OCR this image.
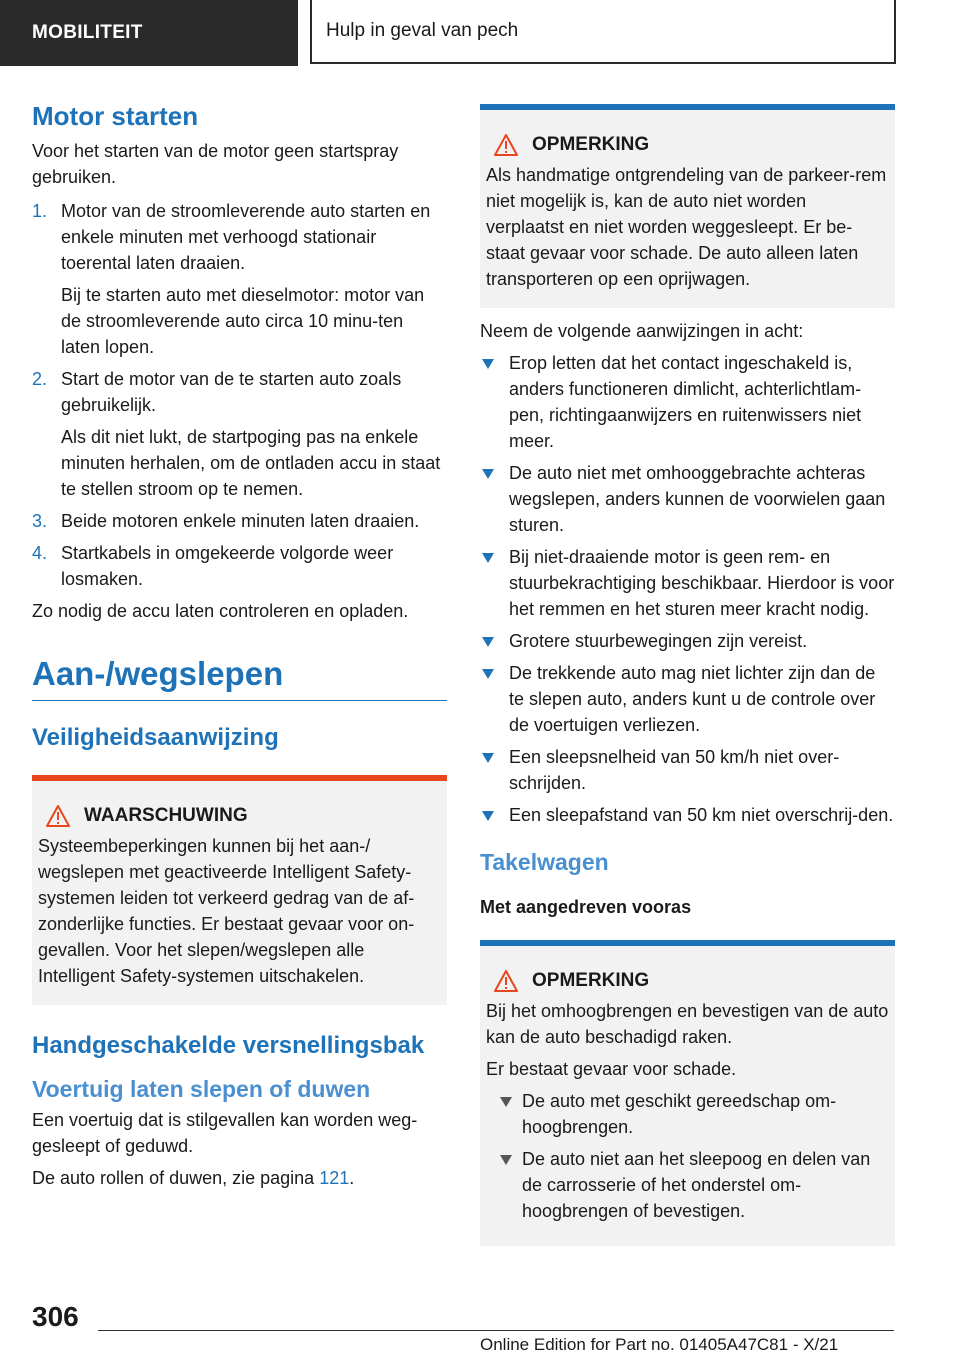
MOBILITEIT	Hulp in geval van pech
Motor starten

Voor het starten van de motor geen startspray gebruiken.

1. Motor van de stroomleverende auto starten en enkele minuten met verhoogd stationair toerental laten draaien.

Bij te starten auto met dieselmotor: motor van de stroomleverende auto circa 10 minu‐ten laten lopen.

2. Start de motor van de te starten auto zoals gebruikelijk.

Als dit niet lukt, de startpoging pas na enkele minuten herhalen, om de ontladen accu in staat te stellen stroom op te nemen.

3. Beide motoren enkele minuten laten draaien.

4. Startkabels in omgekeerde volgorde weer losmaken.

Zo nodig de accu laten controleren en opladen.

Aan-/wegslepen
Veiligheidsaanwijzing
WAARSCHUWING

Systeembeperkingen kunnen bij het aan-/ wegslepen met geactiveerde Intelligent Safety-systemen leiden tot verkeerd gedrag van de af‐zonderlijke functies. Er bestaat gevaar voor on‐gevallen. Voor het slepen/wegslepen alle Intelligent Safety-systemen uitschakelen.

Handgeschakelde versnellingsbak
Voertuig laten slepen of duwen

Een voertuig dat is stilgevallen kan worden weg‐gesleept of geduwd.

De auto rollen of duwen, zie pagina 121.

OPMERKING

Als handmatige ontgrendeling van de parkeer‐rem niet mogelijk is, kan de auto niet worden verplaatst en niet worden weggesleept. Er be‐staat gevaar voor schade. De auto alleen laten transporteren op een oprijwagen.

Neem de volgende aanwijzingen in acht:

Erop letten dat het contact ingeschakeld is, anders functioneren dimlicht, achterlichtlam‐pen, richtingaanwijzers en ruitenwissers niet meer.

De auto niet met omhooggebrachte achteras wegslepen, anders kunnen de voorwielen gaan sturen.

Bij niet-draaiende motor is geen rem- en stuurbekrachtiging beschikbaar. Hierdoor is voor het remmen en het sturen meer kracht nodig.

Grotere stuurbewegingen zijn vereist.

De trekkende auto mag niet lichter zijn dan de te slepen auto, anders kunt u de controle over de voertuigen verliezen.

Een sleepsnelheid van 50 km/h niet over‐schrijden.

Een sleepafstand van 50 km niet overschrij‐den.

Takelwagen
Met aangedreven vooras
OPMERKING

Bij het omhoogbrengen en bevestigen van de auto kan de auto beschadigd raken.

Er bestaat gevaar voor schade.

De auto met geschikt gereedschap om‐hoogbrengen.

De auto niet aan het sleepoog en delen van de carrosserie of het onderstel om‐hoogbrengen of bevestigen.

306
Online Edition for Part no. 01405A47C81 - X/21
